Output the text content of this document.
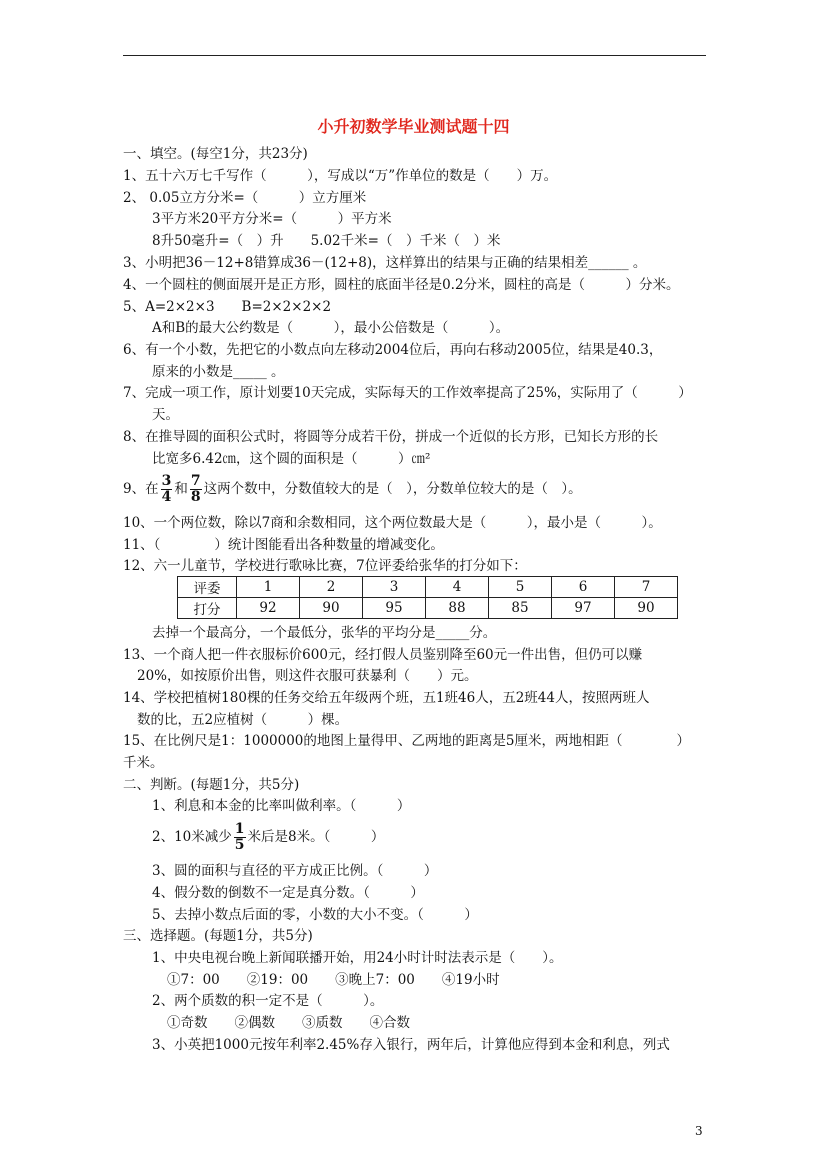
小升初数学毕业测试题十四
一、填空。(每空1分，共23分)
1、五十六万七千写作（　　　），写成以“万”作单位的数是（　　）万。
2、 0.05立方分米=（　　　）立方厘米
3平方米20平方分米=（　　　）平方米
8升50毫升=（　）升　　5.02千米=（　）千米（　）米
3、小明把36－12+8错算成36－(12+8)，这样算出的结果与正确的结果相差______ 。
4、一个圆柱的侧面展开是正方形，圆柱的底面半径是0.2分米，圆柱的高是（　　　）分米。
5、A=2×2×3　　B=2×2×2×2
A和B的最大公约数是（　　　），最小公倍数是（　　　）。
6、有一个小数，先把它的小数点向左移动2004位后，再向右移动2005位，结果是40.3，
原来的小数是_____ 。
7、完成一项工作，原计划要10天完成，实际每天的工作效率提高了25%，实际用了（　　　）
天。
8、在推导圆的面积公式时，将圆等分成若干份，拼成一个近似的长方形，已知长方形的长
比宽多6.42㎝，这个圆的面积是（　　　）㎝²
9、在 $\frac{3}{4}$ 和 $\frac{7}{8}$ 这两个数中，分数值较大的是（　），分数单位较大的是（　）。
10、一个两位数，除以7商和余数相同，这个两位数最大是（　　　），最小是（　　　）。
11、（　　　　）统计图能看出各种数量的增减变化。
12、六一儿童节，学校进行歌咏比赛，7位评委给张华的打分如下：
评委	1	2	3	4	5	6	7
打分	92	90	95	88	85	97	90
去掉一个最高分，一个最低分，张华的平均分是_____分。
13、一个商人把一件衣服标价600元，经打假人员鉴别降至60元一件出售，但仍可以赚
20%，如按原价出售，则这件衣服可获暴利（　　）元。
14、学校把植树180棵的任务交给五年级两个班，五1班46人，五2班44人，按照两班人
数的比，五2应植树（　　　）棵。
15、在比例尺是1：1000000的地图上量得甲、乙两地的距离是5厘米，两地相距（　　　　）
千米。
二、判断。(每题1分，共5分)
1、利息和本金的比率叫做利率。（　　　）
2、10米减少 $\frac{1}{5}$ 米后是8米。（　　　）
3、圆的面积与直径的平方成正比例。（　　　）
4、假分数的倒数不一定是真分数。（　　　）
5、去掉小数点后面的零，小数的大小不变。（　　　）
三、选择题。(每题1分，共5分)
1、中央电视台晚上新闻联播开始，用24小时计时法表示是（　　）。
①7：00　　②19：00　　③晚上7：00　　④19小时
2、两个质数的积一定不是（　　　）。
①奇数　　②偶数　　③质数　　④合数
3、小英把1000元按年利率2.45%存入银行，两年后，计算他应得到本金和利息，列式
3
